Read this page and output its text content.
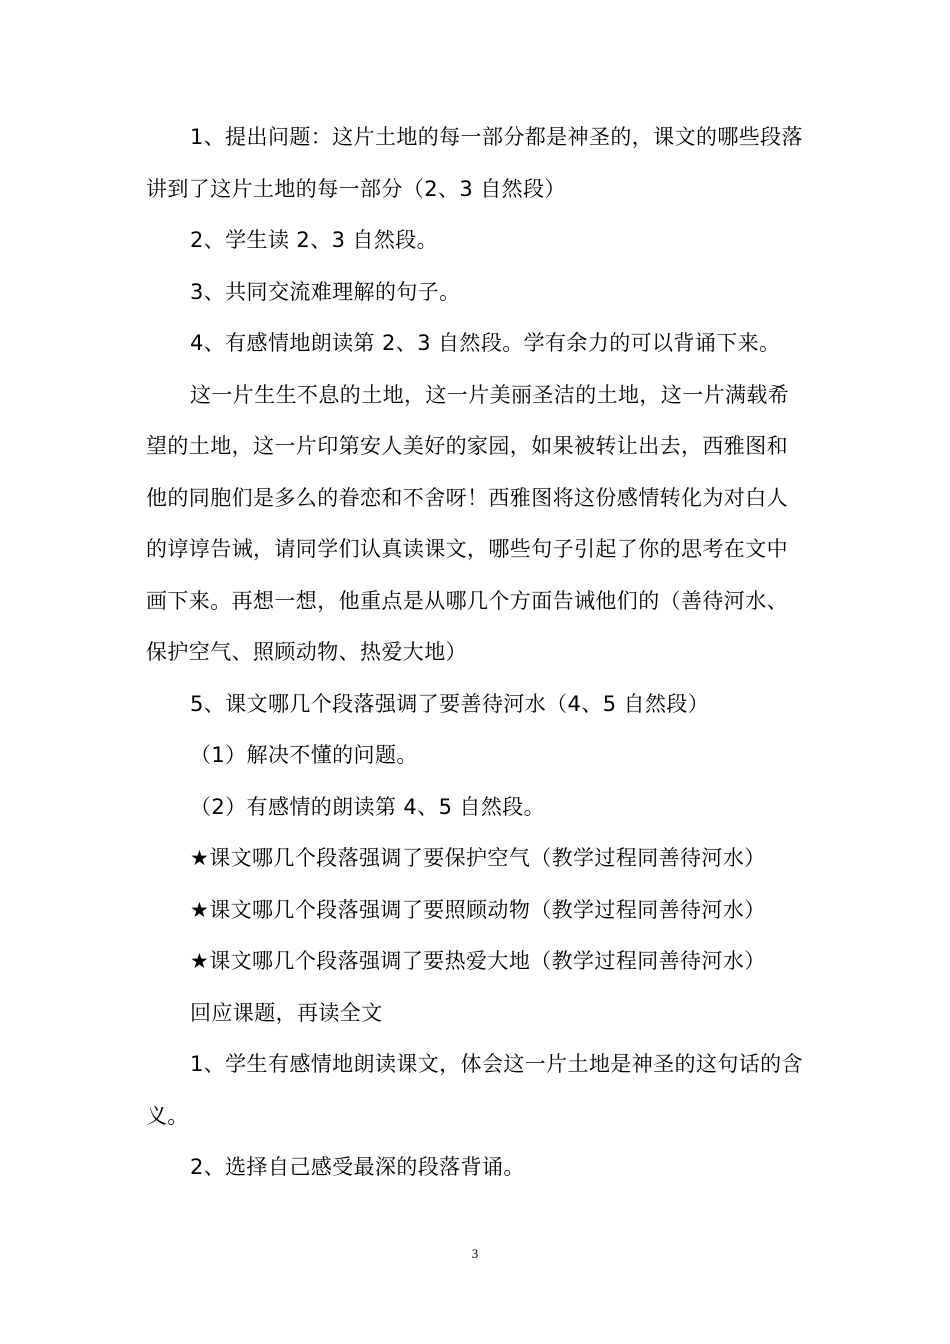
1、提出问题：这片土地的每一部分都是神圣的，课文的哪些段落讲到了这片土地的每一部分（2、3 自然段）

2、学生读 2、3 自然段。

3、共同交流难理解的句子。

4、有感情地朗读第 2、3 自然段。学有余力的可以背诵下来。

这一片生生不息的土地，这一片美丽圣洁的土地，这一片满载希望的土地，这一片印第安人美好的家园，如果被转让出去，西雅图和他的同胞们是多么的眷恋和不舍呀！西雅图将这份感情转化为对白人的谆谆告诫，请同学们认真读课文，哪些句子引起了你的思考在文中画下来。再想一想，他重点是从哪几个方面告诫他们的（善待河水、保护空气、照顾动物、热爱大地）

5、课文哪几个段落强调了要善待河水（4、5 自然段）

（1）解决不懂的问题。

（2）有感情的朗读第 4、5 自然段。

★课文哪几个段落强调了要保护空气（教学过程同善待河水）

★课文哪几个段落强调了要照顾动物（教学过程同善待河水）

★课文哪几个段落强调了要热爱大地（教学过程同善待河水）

回应课题，再读全文

1、学生有感情地朗读课文，体会这一片土地是神圣的这句话的含义。

2、选择自己感受最深的段落背诵。

3
